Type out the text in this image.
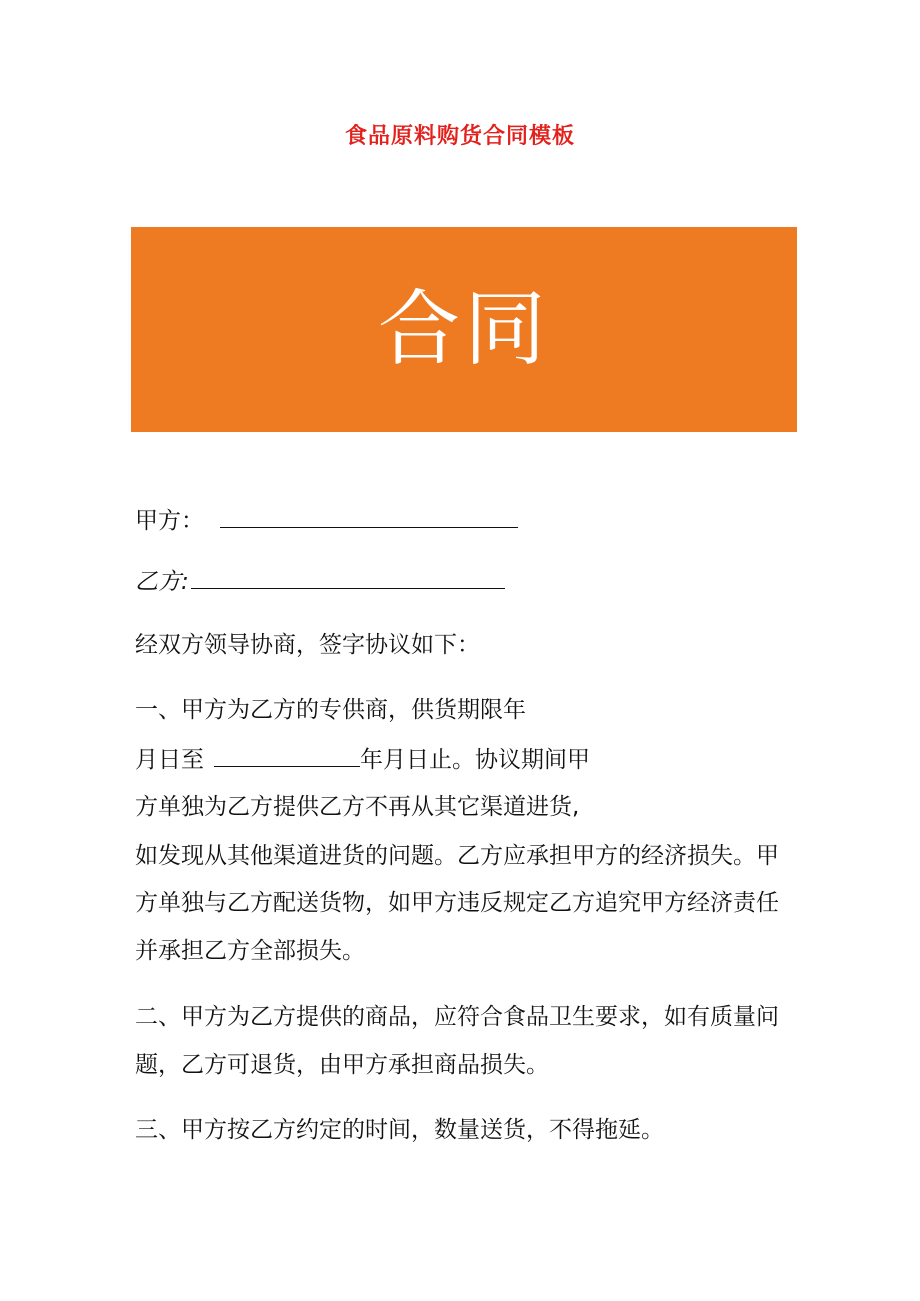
食品原料购货合同模板
合同
甲方：
乙方:
经双方领导协商，签字协议如下：
一、甲方为乙方的专供商，供货期限年
月日至	年月日止。协议期间甲
方单独为乙方提供乙方不再从其它渠道进货,
如发现从其他渠道进货的问题。乙方应承担甲方的经济损失。甲
方单独与乙方配送货物，如甲方违反规定乙方追究甲方经济责任
并承担乙方全部损失。
二、甲方为乙方提供的商品，应符合食品卫生要求，如有质量问
题，乙方可退货，由甲方承担商品损失。
三、甲方按乙方约定的时间，数量送货，不得拖延。
